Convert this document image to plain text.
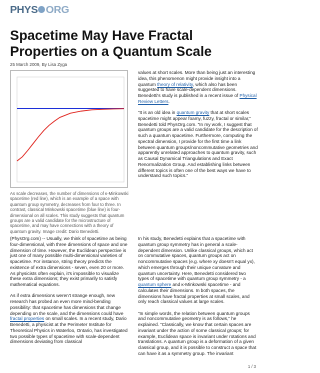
PHYS ORG
Spacetime May Have Fractal Properties on a Quantum Scale
25 March 2009, By Lisa Zyga
As scale decreases, the number of dimensions of κ-Minkowski spacetime (red line), which is an example of a space with quantum group symmetry, decreases from four to three. In contrast, classical Minkowski spacetime (blue line) is four-dimensional on all scales. This study suggests that quantum groups are a valid candidate for the microstructure of spacetime, and may have connections with a theory of quantum gravity. Image credit: Dario Benedetti.

values at short scales. More than being just an interesting idea, this phenomenon might provide insight into a quantum theory of relativity, which also has been suggested to have scale-dependent dimensions. Benedetti's study is published in a recent issue of Physical Review Letters.

“It is an old idea in quantum gravity that at short scales spacetime might appear foamy, fuzzy, fractal or similar,” Benedetti told PhysOrg.com. “In my work, I suggest that quantum groups are a valid candidate for the description of such a quantum spacetime. Furthermore, computing the spectral dimension, I provide for the first time a link between quantum groups/noncommutative geometries and apparently unrelated approaches to quantum gravity, such as Causal Dynamical Triangulations and Exact Renormalization Group. And establishing links between different topics is often one of the best ways we have to understand such topics.”

(PhysOrg.com) -- Usually, we think of spacetime as being four-dimensional, with three dimensions of space and one dimension of time. However, the Euclidean perspective is just one of many possible multi-dimensional varieties of spacetime. For instance, string theory predicts the existence of extra dimensions - seven, even 20 or more. As physicists often explain, it's impossible to visualize these extra dimensions; they exist primarily to satisfy mathematical equations.

As if extra dimensions weren't strange enough, new research has probed an even more mind-bending possibility: that spacetime has dimensions that change depending on the scale, and the dimensions could have fractal properties on small scales. In a recent study, Dario Benedetti, a physicist at the Perimeter Institute for Theoretical Physics in Waterloo, Ontario, has investigated two possible types of spacetime with scale-dependent dimensions deviating from classical

In his study, Benedetti explains that a spacetime with quantum group symmetry has in general a scale-dependent dimension. Unlike classical groups, which act on commutative spaces, quantum groups act on noncommutative spaces (e.g. where xy doesn't equal yx), which emerges through their unique curvature and quantum uncertainty. Here, Benedetti considered two types of spacetime with quantum group symmetry - a quantum sphere and κ-Minkowski spacetime - and calculates their dimensions. In both spaces, the dimensions have fractal properties at small scales, and only reach classical values at large scales.

“In simple words, the relation between quantum groups and noncommutative geometry is as follows,” he explained. “Classically, we know that certain spaces are invariant under the action of some classical groups; for example, Euclidean space is invariant under rotations and translations. A quantum group is a deformation of a given classical group, and it is possible to construct a space that can have it as a symmetry group. The invariant

1 / 3
